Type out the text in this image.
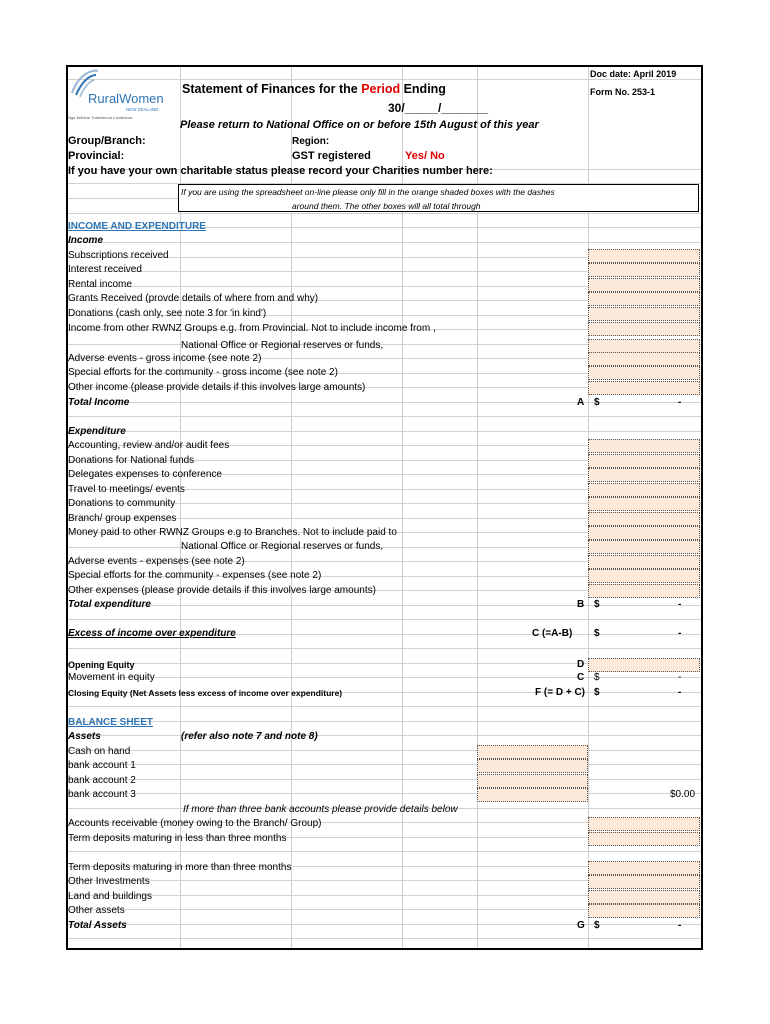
RuralWomen
NEW ZEALAND
Nga Wāhine Tuawhenua o Aotearoa
Doc date: April 2019
Form No. 253-1
Statement of Finances for the Period Ending
30/_____/_______
Please return to National Office on or before 15th August of this year
Group/Branch:	Region:
Provincial:	GST registered	Yes/ No
If you have your own charitable status please record your Charities number here:
If you are using the spreadsheet on-line please only fill in the orange shaded boxes with the dashes
around them. The other boxes will all total through
INCOME AND EXPENDITURE
Income
Subscriptions received
Interest received
Rental income
Grants Received (provde details of where from and why)
Donations (cash only, see note 3 for 'in kind')
Income from other RWNZ Groups e.g. from Provincial. Not to include income from ,
National Office or Regional reserves or funds,
Adverse events - gross income (see note 2)
Special efforts for the community - gross income (see note 2)
Other income (please provide details if this involves large amounts)
Total Income	A $	-
Expenditure
Accounting, review and/or audit fees
Donations for National funds
Delegates expenses to conference
Travel to meetings/ events
Donations to community
Branch/ group expenses
Money paid to other RWNZ Groups e.g to Branches. Not to include paid to
National Office or Regional reserves or funds,
Adverse events - expenses (see note 2)
Special efforts for the community - expenses (see note 2)
Other expenses (please provide details if this involves large amounts)
Total expenditure	B $	-
Excess of income over expenditure	C (=A-B) $	-
Opening Equity	D
Movement in equity	C $	-
Closing Equity (Net Assets less excess of income over expenditure)	F (= D + C) $	-
BALANCE SHEET
Assets	(refer also note 7 and note 8)
Cash on hand
bank account 1
bank account 2
bank account 3	$0.00
If more than three bank accounts please provide details below
Accounts receivable (money owing to the Branch/ Group)
Term deposits maturing in less than three months
Term deposits maturing in more than three months
Other Investments
Land and buildings
Other assets
Total Assets	G $	-
